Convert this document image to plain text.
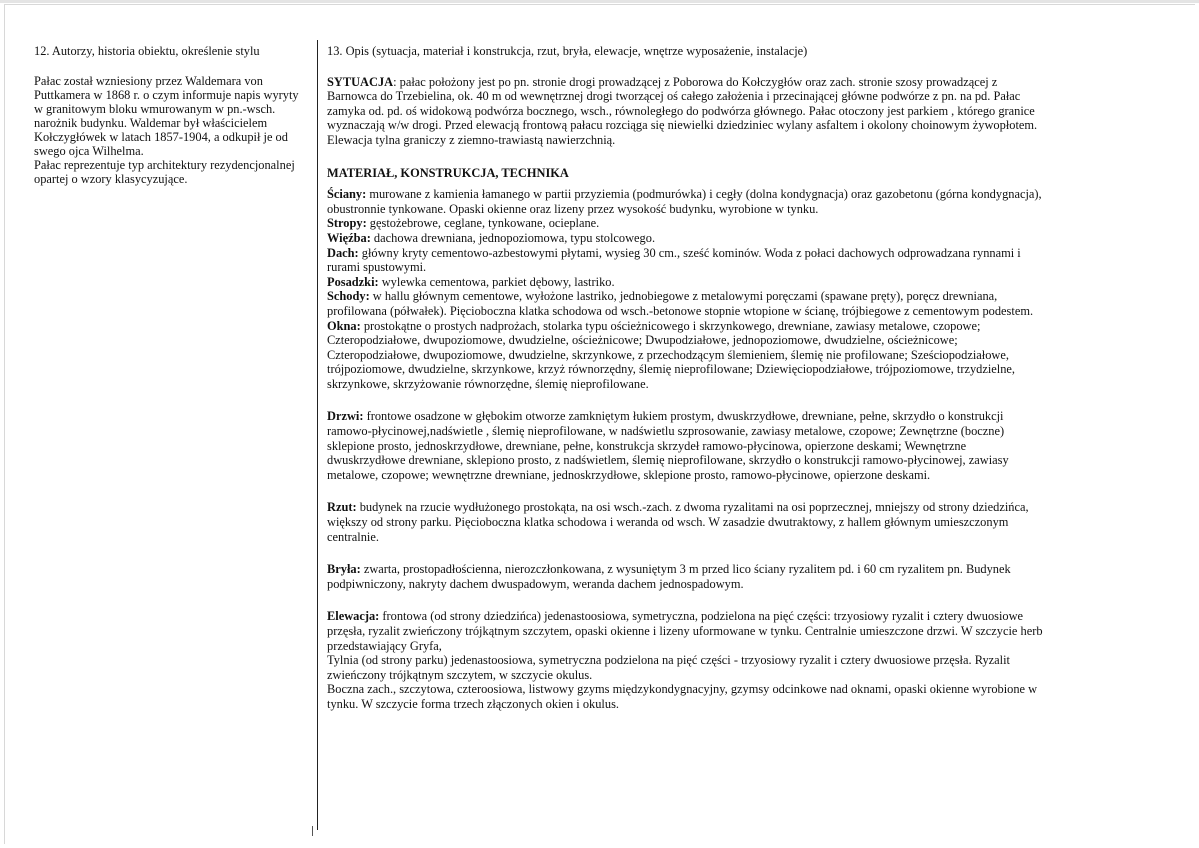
12. Autorzy, historia obiektu, określenie stylu

Pałac został wzniesiony przez Waldemara von Puttkamera w 1868 r. o czym informuje napis wyryty w granitowym bloku wmurowanym w pn.-wsch. narożnik budynku. Waldemar był właścicielem Kołczygłówek w latach 1857-1904, a odkupił je od swego ojca Wilhelma.

Pałac reprezentuje typ architektury rezydencjonalnej opartej o wzory klasycyzujące.

13. Opis (sytuacja, materiał i konstrukcja, rzut, bryła, elewacje, wnętrze wyposażenie, instalacje)

SYTUACJA: pałac położony jest po pn. stronie drogi prowadzącej z Poborowa do Kołczygłów oraz zach. stronie szosy prowadzącej z Barnowca do Trzebielina, ok. 40 m od wewnętrznej drogi tworzącej oś całego założenia i przecinającej główne podwórze z pn. na pd. Pałac zamyka od. pd. oś widokową podwórza bocznego, wsch., równoległego do podwórza głównego. Pałac otoczony jest parkiem , którego granice wyznaczają w/w drogi. Przed elewacją frontową pałacu rozciąga się niewielki dziedziniec wylany asfaltem i okolony choinowym żywopłotem. Elewacja tylna graniczy z ziemno-trawiastą nawierzchnią.

MATERIAŁ, KONSTRUKCJA, TECHNIKA

Ściany: murowane z kamienia łamanego w partii przyziemia (podmurówka) i cegły (dolna kondygnacja) oraz gazobetonu (górna kondygnacja), obustronnie tynkowane. Opaski okienne oraz lizeny przez wysokość budynku, wyrobione w tynku.

Stropy: gęstożebrowe, ceglane, tynkowane, ocieplane.

Więźba: dachowa drewniana, jednopoziomowa, typu stolcowego.

Dach: główny kryty cementowo-azbestowymi płytami, wysieg 30 cm., sześć kominów. Woda z połaci dachowych odprowadzana rynnami i rurami spustowymi.

Posadzki: wylewka cementowa, parkiet dębowy, lastriko.

Schody: w hallu głównym cementowe, wyłożone lastriko, jednobiegowe z metalowymi poręczami (spawane pręty), poręcz drewniana, profilowana (półwałek). Pięcioboczna klatka schodowa od wsch.-betonowe stopnie wtopione w ścianę, trójbiegowe z cementowym podestem.

Okna: prostokątne o prostych nadprożach, stolarka typu ościeżnicowego i skrzynkowego, drewniane, zawiasy metalowe, czopowe; Czteropodziałowe, dwupoziomowe, dwudzielne, ościeżnicowe; Dwupodziałowe, jednopoziomowe, dwudzielne, ościeżnicowe; Czteropodziałowe, dwupoziomowe, dwudzielne, skrzynkowe, z przechodzącym ślemieniem, ślemię nie profilowane; Sześciopodziałowe, trójpoziomowe, dwudzielne, skrzynkowe, krzyż równorzędny, ślemię nieprofilowane; Dziewięciopodziałowe, trójpoziomowe, trzydzielne, skrzynkowe, skrzyżowanie równorzędne, ślemię nieprofilowane.

Drzwi: frontowe osadzone w głębokim otworze zamkniętym łukiem prostym, dwuskrzydłowe, drewniane, pełne, skrzydło o konstrukcji ramowo-płycinowej,nadświetle , ślemię nieprofilowane, w nadświetlu szprosowanie, zawiasy metalowe, czopowe; Zewnętrzne (boczne) sklepione prosto, jednoskrzydłowe, drewniane, pełne, konstrukcja skrzydeł ramowo-płycinowa, opierzone deskami; Wewnętrzne dwuskrzydłowe drewniane, sklepiono prosto, z nadświetlem, ślemię nieprofilowane, skrzydło o konstrukcji ramowo-płycinowej, zawiasy metalowe, czopowe; wewnętrzne drewniane, jednoskrzydłowe, sklepione prosto, ramowo-płycinowe, opierzone deskami.

Rzut: budynek na rzucie wydłużonego prostokąta, na osi wsch.-zach. z dwoma ryzalitami na osi poprzecznej, mniejszy od strony dziedzińca, większy od strony parku. Pięcioboczna klatka schodowa i weranda od wsch. W zasadzie dwutraktowy, z hallem głównym umieszczonym centralnie.

Bryła: zwarta, prostopadłościenna, nierozczłonkowana, z wysuniętym 3 m przed lico ściany ryzalitem pd. i 60 cm ryzalitem pn. Budynek podpiwniczony, nakryty dachem dwuspadowym, weranda dachem jednospadowym.

Elewacja: frontowa (od strony dziedzińca) jedenastoosiowa, symetryczna, podzielona na pięć części: trzyosiowy ryzalit i cztery dwuosiowe przęsła, ryzalit zwieńczony trójkątnym szczytem, opaski okienne i lizeny uformowane w tynku. Centralnie umieszczone drzwi. W szczycie herb przedstawiający Gryfa,

Tylnia (od strony parku) jedenastoosiowa, symetryczna podzielona na pięć części - trzyosiowy ryzalit i cztery dwuosiowe przęsła. Ryzalit zwieńczony trójkątnym szczytem, w szczycie okulus.

Boczna zach., szczytowa, czteroosiowa, listwowy gzyms międzykondygnacyjny, gzymsy odcinkowe nad oknami, opaski okienne wyrobione w tynku. W szczycie forma trzech złączonych okien i okulus.
